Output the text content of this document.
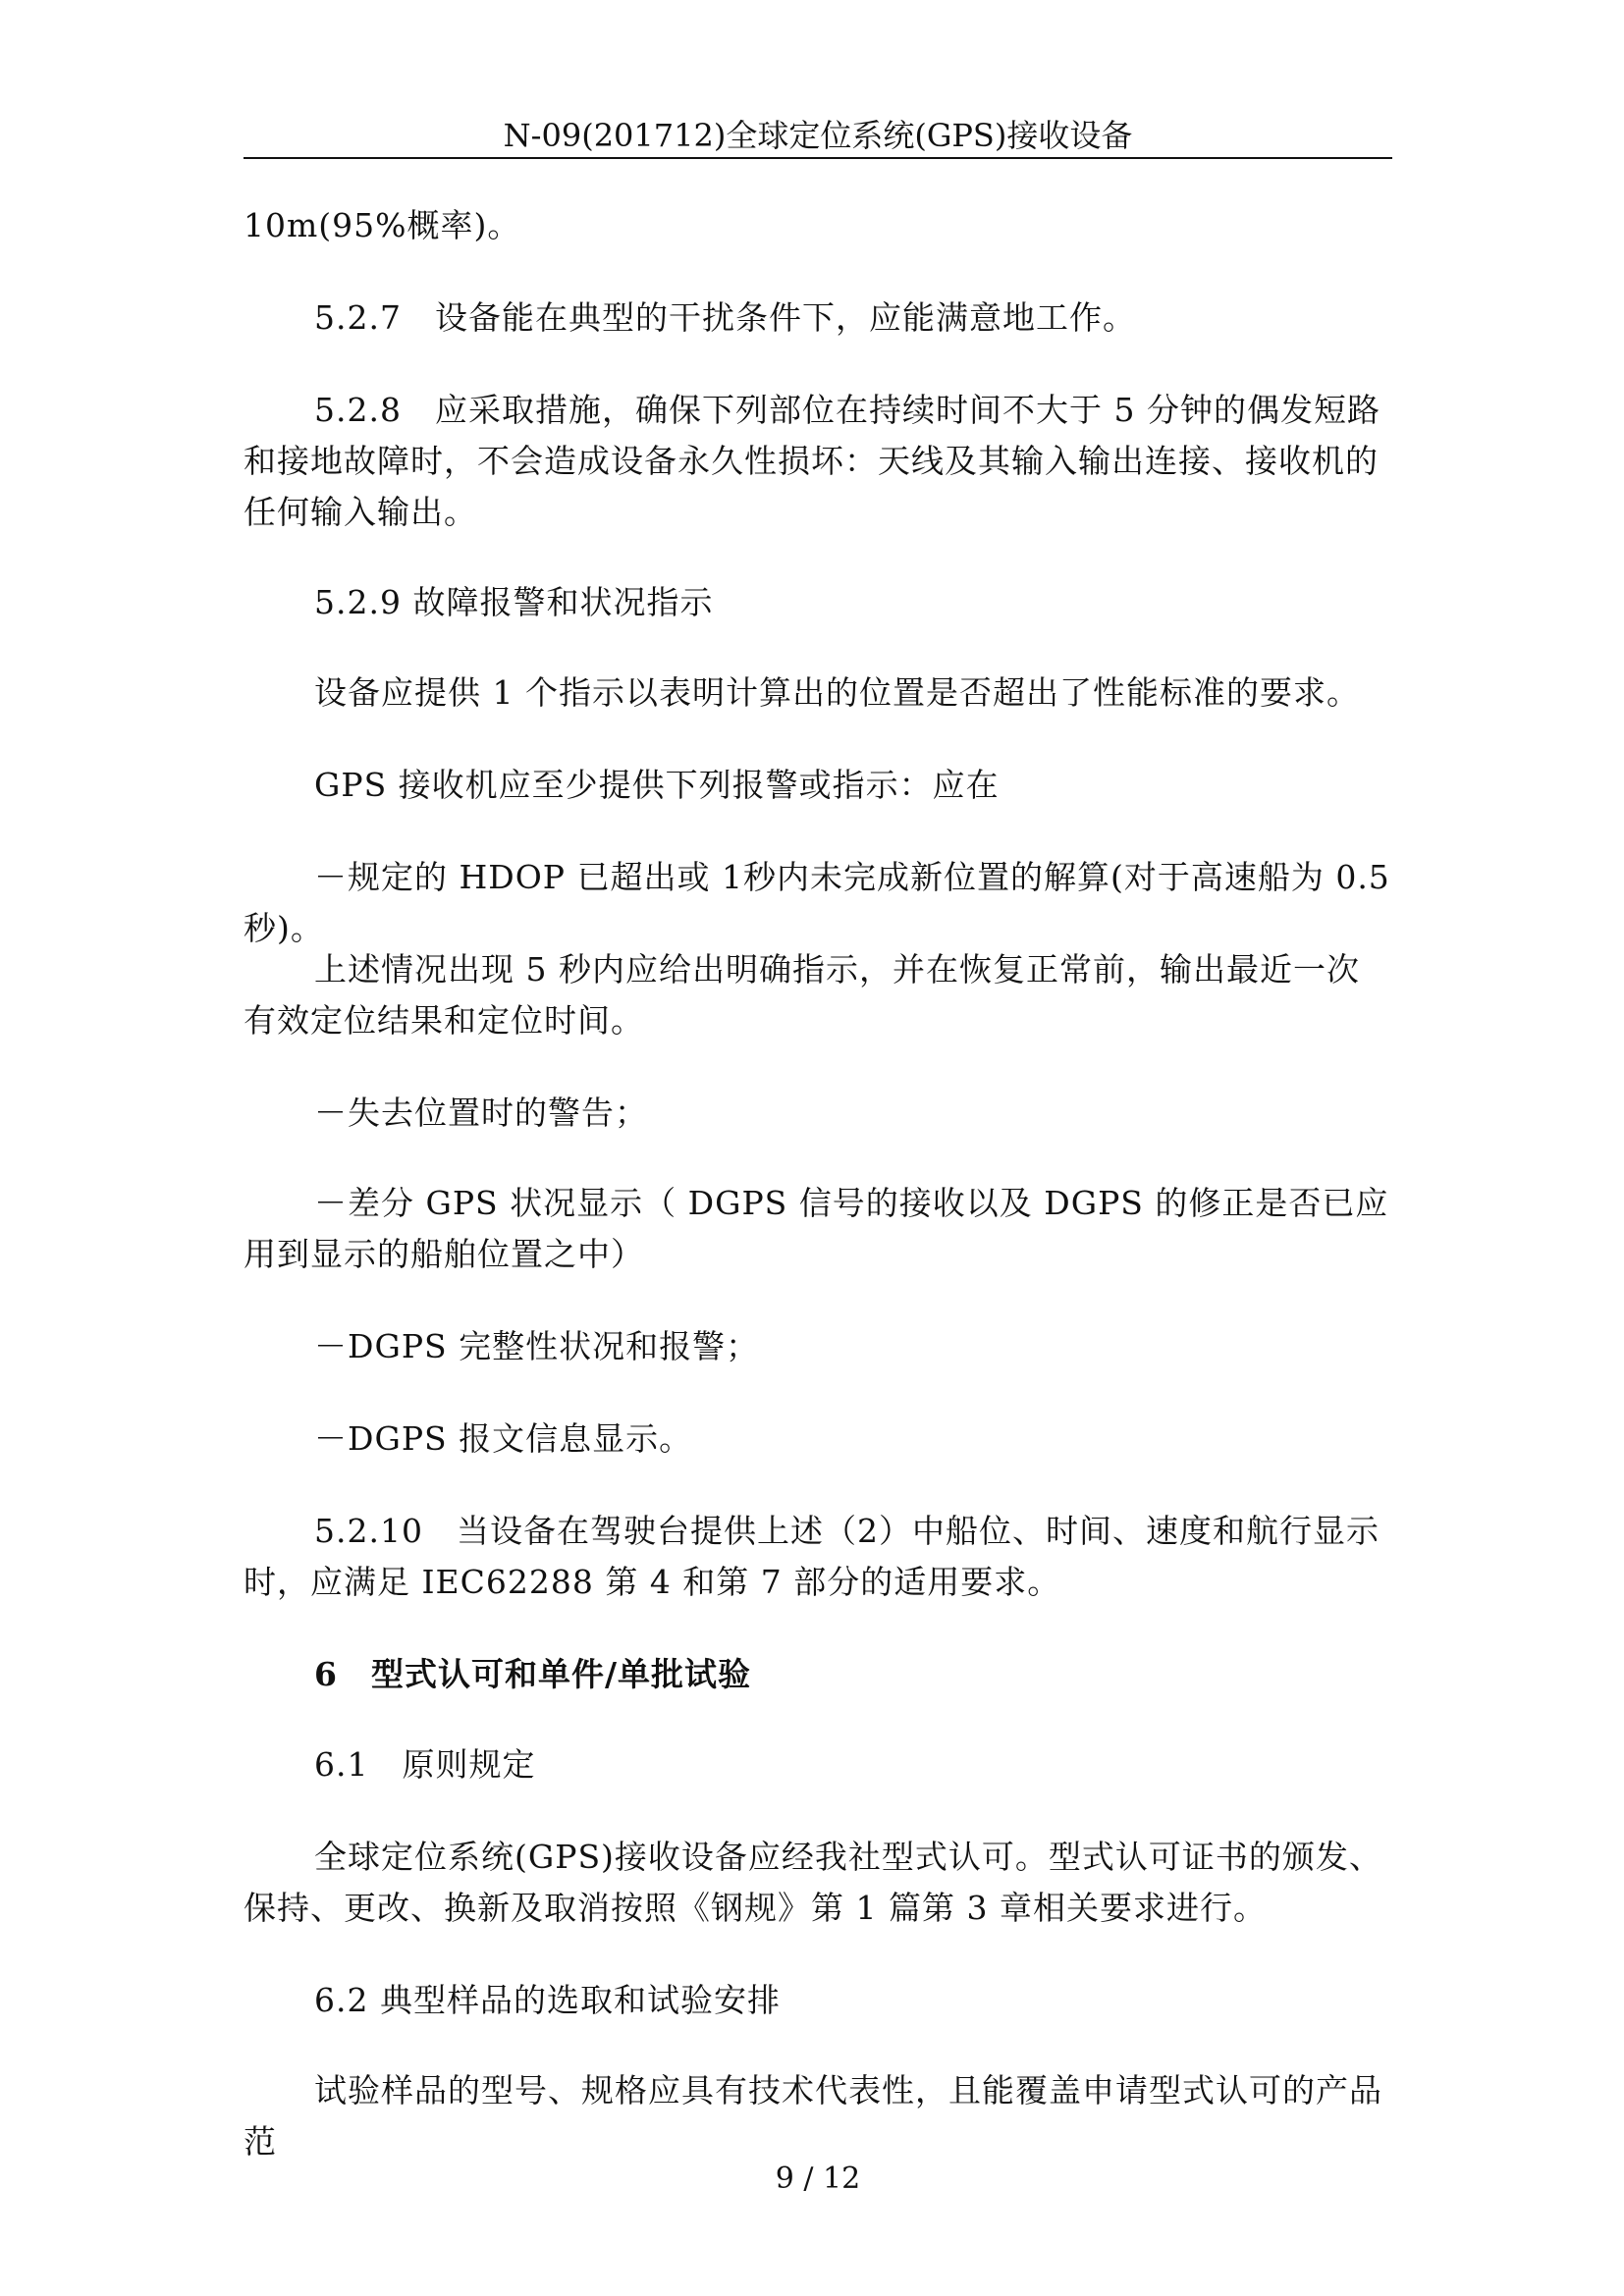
N-09(201712)全球定位系统(GPS)接收设备

10m(95%概率)。

5.2.7　设备能在典型的干扰条件下，应能满意地工作。

5.2.8　应采取措施，确保下列部位在持续时间不大于 5 分钟的偶发短路和接地故障时，不会造成设备永久性损坏：天线及其输入输出连接、接收机的任何输入输出。

5.2.9 故障报警和状况指示

设备应提供 1 个指示以表明计算出的位置是否超出了性能标准的要求。

GPS 接收机应至少提供下列报警或指示：应在

－规定的 HDOP 已超出或 1秒内未完成新位置的解算(对于高速船为 0.5 秒)。

上述情况出现 5 秒内应给出明确指示，并在恢复正常前，输出最近一次有效定位结果和定位时间。

－失去位置时的警告；

－差分 GPS 状况显示（ DGPS 信号的接收以及 DGPS 的修正是否已应用到显示的船舶位置之中）

－DGPS 完整性状况和报警；

－DGPS 报文信息显示。

5.2.10　当设备在驾驶台提供上述（2）中船位、时间、速度和航行显示时，应满足 IEC62288 第 4 和第 7 部分的适用要求。

6　型式认可和单件/单批试验

6.1　原则规定

全球定位系统(GPS)接收设备应经我社型式认可。型式认可证书的颁发、保持、更改、换新及取消按照《钢规》第 1 篇第 3 章相关要求进行。

6.2 典型样品的选取和试验安排

试验样品的型号、规格应具有技术代表性，且能覆盖申请型式认可的产品范

9 / 12
